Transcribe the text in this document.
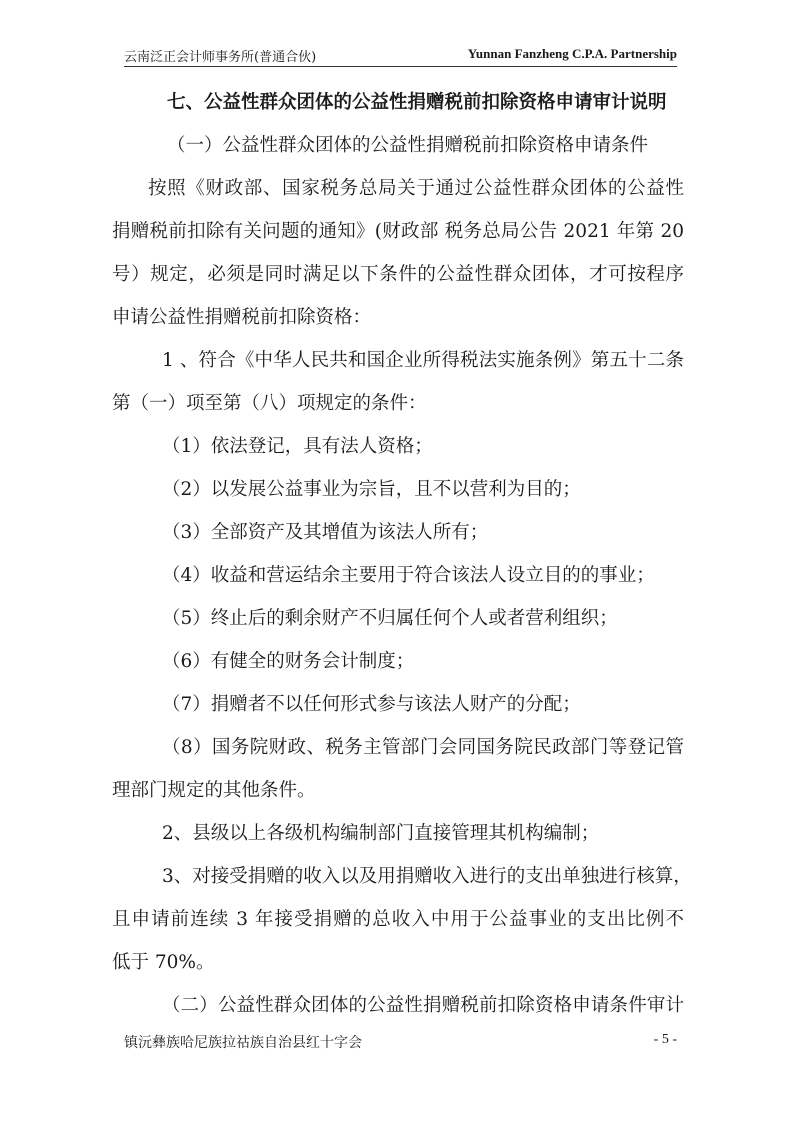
云南泛正会计师事务所(普通合伙)	Yunnan Fanzheng C.P.A. Partnership
七、公益性群众团体的公益性捐赠税前扣除资格申请审计说明
（一）公益性群众团体的公益性捐赠税前扣除资格申请条件
按照《财政部、国家税务总局关于通过公益性群众团体的公益性
捐赠税前扣除有关问题的通知》(财政部 税务总局公告 2021 年第 20
号）规定，必须是同时满足以下条件的公益性群众团体，才可按程序
申请公益性捐赠税前扣除资格：
1 、符合《中华人民共和国企业所得税法实施条例》第五十二条
第（一）项至第（八）项规定的条件：
（1）依法登记，具有法人资格；
（2）以发展公益事业为宗旨，且不以营利为目的；
（3）全部资产及其增值为该法人所有；
（4）收益和营运结余主要用于符合该法人设立目的的事业；
（5）终止后的剩余财产不归属任何个人或者营利组织；
（6）有健全的财务会计制度；
（7）捐赠者不以任何形式参与该法人财产的分配；
（8）国务院财政、税务主管部门会同国务院民政部门等登记管
理部门规定的其他条件。
2、县级以上各级机构编制部门直接管理其机构编制；
3、对接受捐赠的收入以及用捐赠收入进行的支出单独进行核算，
且申请前连续 3 年接受捐赠的总收入中用于公益事业的支出比例不
低于 70%。
（二）公益性群众团体的公益性捐赠税前扣除资格申请条件审计
镇沅彝族哈尼族拉祜族自治县红十字会	- 5 -
